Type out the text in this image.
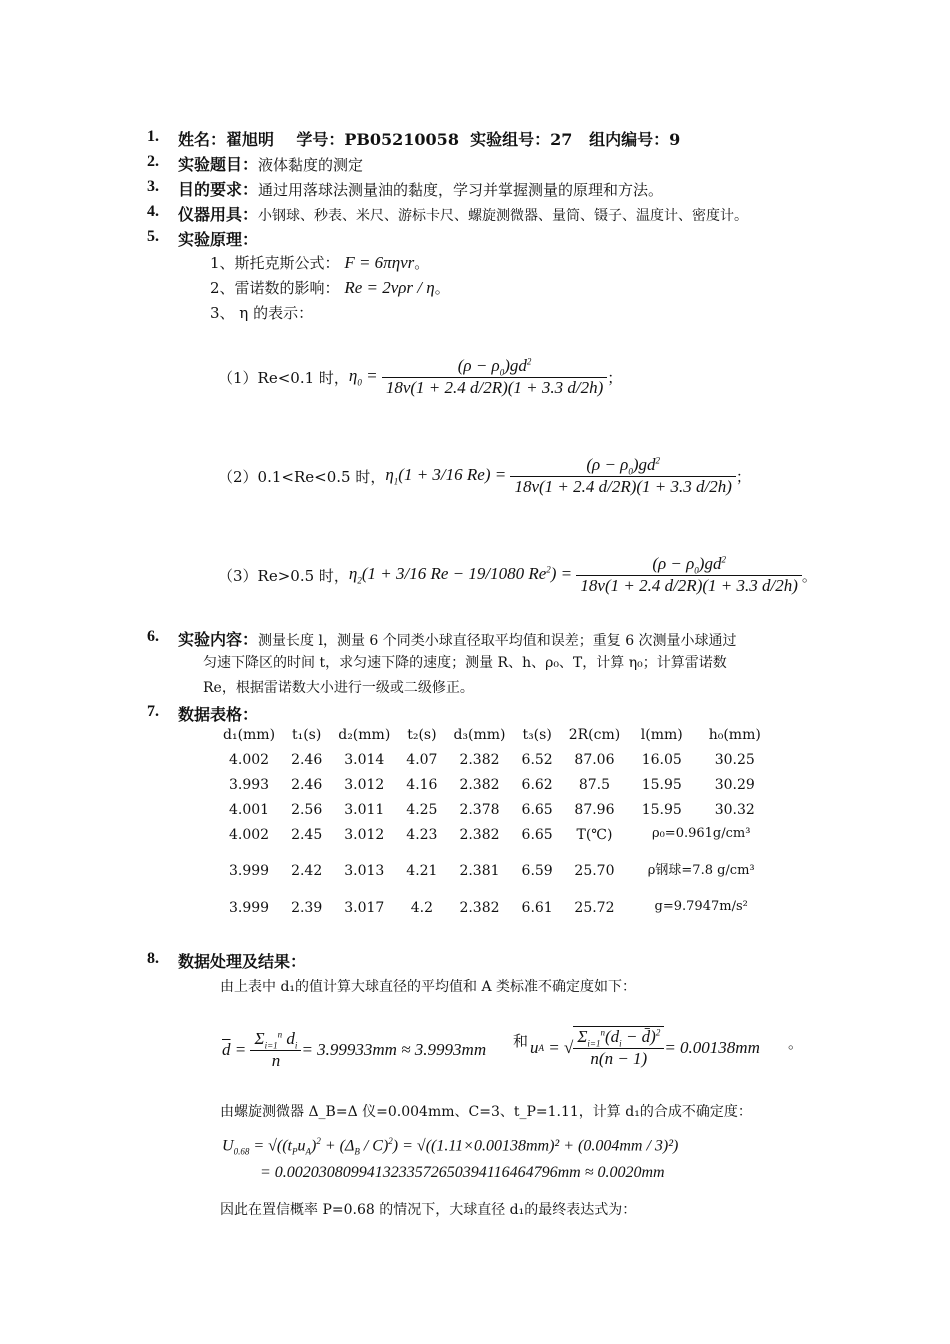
1. 姓名：翟旭明 学号：PB05210058 实验组号：27 组内编号：9
2. 实验题目：液体黏度的测定
3. 目的要求：通过用落球法测量油的黏度，学习并掌握测量的原理和方法。
4. 仪器用具：小钢球、秒表、米尺、游标卡尺、螺旋测微器、量筒、镊子、温度计、密度计。
5. 实验原理：
1、斯托克斯公式： F = 6πηvr。
2、雷诺数的影响： Re = 2vρr / η。
3、 η 的表示：
（1）Re<0.1 时， $\eta_0 = \frac{(\rho - \rho_0)gd^2}{18v(1 + 2.4 d/2R)(1 + 3.3 d/2h)}$ ；
（2）0.1<Re<0.5 时， $\eta_1(1 + 3/16$ $Re) = \frac{(\rho - \rho_0)gd^2}{18v(1 + 2.4 d/2R)(1 + 3.3 d/2h)}$ ；
（3）Re>0.5 时， $\eta_2(1 + 3/16$ Re − 19/1080 $Re^2) = \frac{(\rho - \rho_0)gd^2}{18v(1 + 2.4 d/2R)(1 + 3.3 d/2h)}$ 。
6. 实验内容：测量长度 l，测量 6 个同类小球直径取平均值和误差；重复 6 次测量小球通过
匀速下降区的时间 t，求匀速下降的速度；测量 R、h、ρ₀、T，计算 η₀；计算雷诺数
Re，根据雷诺数大小进行一级或二级修正。
7. 数据表格：
d₁(mm)	t₁(s)	d₂(mm)	t₂(s)	d₃(mm)	t₃(s)	2R(cm)	l(mm)	h₀(mm)
4.002	2.46	3.014	4.07	2.382	6.52	87.06	16.05	30.25
3.993	2.46	3.012	4.16	2.382	6.62	87.5	15.95	30.29
4.001	2.56	3.011	4.25	2.378	6.65	87.96	15.95	30.32
4.002	2.45	3.012	4.23	2.382	6.65	T(℃)	ρ₀=0.961g/cm³	
3.999	2.42	3.013	4.21	2.381	6.59	25.70	ρ钢球=7.8 g/cm³	
3.999	2.39	3.017	4.2	2.382	6.61	25.72	g=9.7947m/s²	
8. 数据处理及结果：
由上表中 d₁的值计算大球直径的平均值和 A 类标准不确定度如下：
$\overline{d} = \frac{\Sigma_{i=1}^n d_i}{n} = 3.99933mm \approx 3.9993mm$ 和 u A = √ $\frac{\Sigma_{i=1}^n(d_i - d̄)^2}{n(n - 1)} = 0.00138mm$ 。
由螺旋测微器 Δ_B=Δ 仪=0.004mm、C=3、t_P=1.11，计算 d₁的合成不确定度：
$U_{0.68} = √((t_Pu_A)^2 + (\Delta_B / C)^2) = √((1.11\times 0.00138mm)^2 + (0.004mm / 3)^2)$
= 0.002030809941323357265039411646479​6mm ≈ 0.0020mm
因此在置信概率 P=0.68 的情况下，大球直径 d₁的最终表达式为：
